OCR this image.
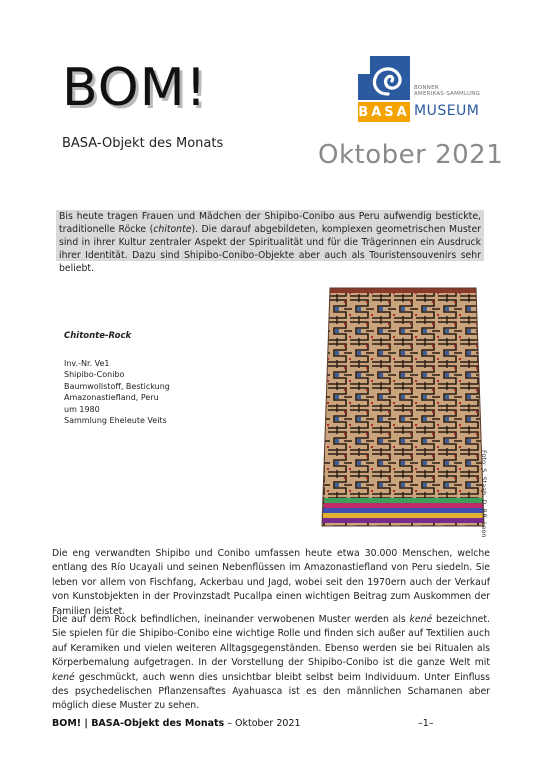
BOM!
BASA-Objekt des Monats	Oktober 2021
BONNER
AMERIKAS-SAMMLUNG
BASA MUSEUM

Bis heute tragen Frauen und Mädchen der Shipibo-Conibo aus Peru aufwendig bestickte, traditionelle Röcke (chitonte). Die darauf abgebildeten, komplexen geometrischen Muster sind in ihrer Kultur zentraler Aspekt der Spiritualität und für die Trägerinnen ein Ausdruck ihrer Identität. Dazu sind Shipibo-Conibo-Objekte aber auch als Touristensouvenirs sehr beliebt.

Chitonte-Rock
Inv.-Nr. Ve1
Shipibo-Conibo
Baumwollstoff, Bestickung
Amazonastiefland, Peru
um 1980
Sammlung Eheleute Veits
Foto: S. Staab, D. P.R. Leon

Die eng verwandten Shipibo und Conibo umfassen heute etwa 30.000 Menschen, welche entlang des Río Ucayali und seinen Nebenflüssen im Amazonastiefland von Peru siedeln. Sie leben vor allem von Fischfang, Ackerbau und Jagd, wobei seit den 1970ern auch der Verkauf von Kunstobjekten in der Provinzstadt Pucallpa einen wichtigen Beitrag zum Auskommen der Familien leistet.

Die auf dem Rock befindlichen, ineinander verwobenen Muster werden als kené bezeichnet. Sie spielen für die Shipibo-Conibo eine wichtige Rolle und finden sich außer auf Textilien auch auf Keramiken und vielen weiteren Alltagsgegenständen. Ebenso werden sie bei Ritualen als Körperbemalung aufgetragen. In der Vorstellung der Shipibo-Conibo ist die ganze Welt mit kené geschmückt, auch wenn dies unsichtbar bleibt selbst beim Individuum. Unter Einfluss des psychedelischen Pflanzensaftes Ayahuasca ist es den männlichen Schamanen aber möglich diese Muster zu sehen.

BOM! | BASA-Objekt des Monats – Oktober 2021	–1–
